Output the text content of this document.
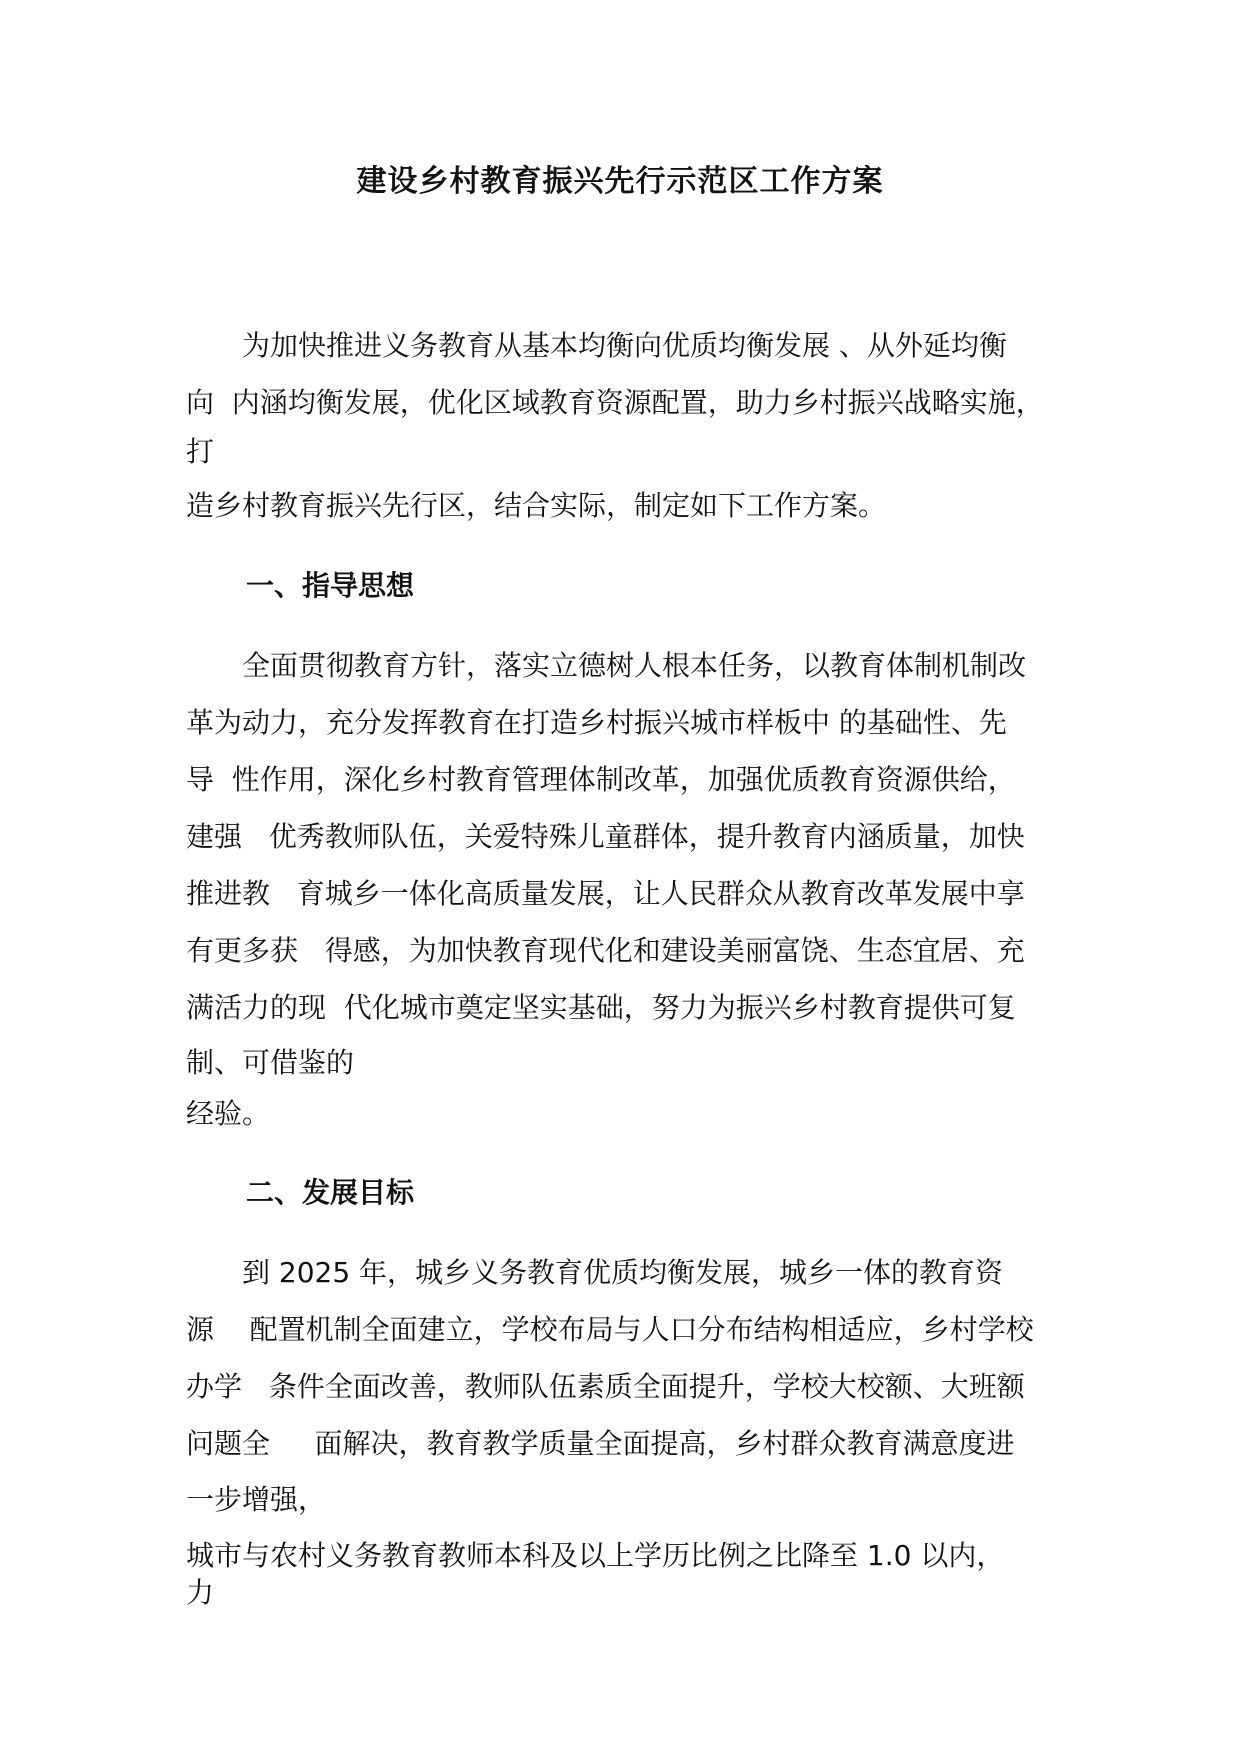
建设乡村教育振兴先行示范区工作方案
　　为加快推进义务教育从基本均衡向优质均衡发展 、从外延均衡
向  内涵均衡发展，优化区域教育资源配置，助力乡村振兴战略实施，
打
造乡村教育振兴先行区，结合实际，制定如下工作方案。
一、指导思想
　　全面贯彻教育方针，落实立德树人根本任务，以教育体制机制改
革为动力，充分发挥教育在打造乡村振兴城市样板中 的基础性、先
导  性作用，深化乡村教育管理体制改革，加强优质教育资源供给，
建强   优秀教师队伍，关爱特殊儿童群体，提升教育内涵质量，加快
推进教   育城乡一体化高质量发展，让人民群众从教育改革发展中享
有更多获   得感，为加快教育现代化和建设美丽富饶、生态宜居、充
满活力的现  代化城市奠定坚实基础，努力为振兴乡村教育提供可复
制、可借鉴的
经验。
二、发展目标
　　到 2025 年，城乡义务教育优质均衡发展，城乡一体的教育资
源    配置机制全面建立，学校布局与人口分布结构相适应，乡村学校
办学   条件全面改善，教师队伍素质全面提升，学校大校额、大班额
问题全     面解决，教育教学质量全面提高，乡村群众教育满意度进
一步增强，
城市与农村义务教育教师本科及以上学历比例之比降至 1.0 以内，
力
